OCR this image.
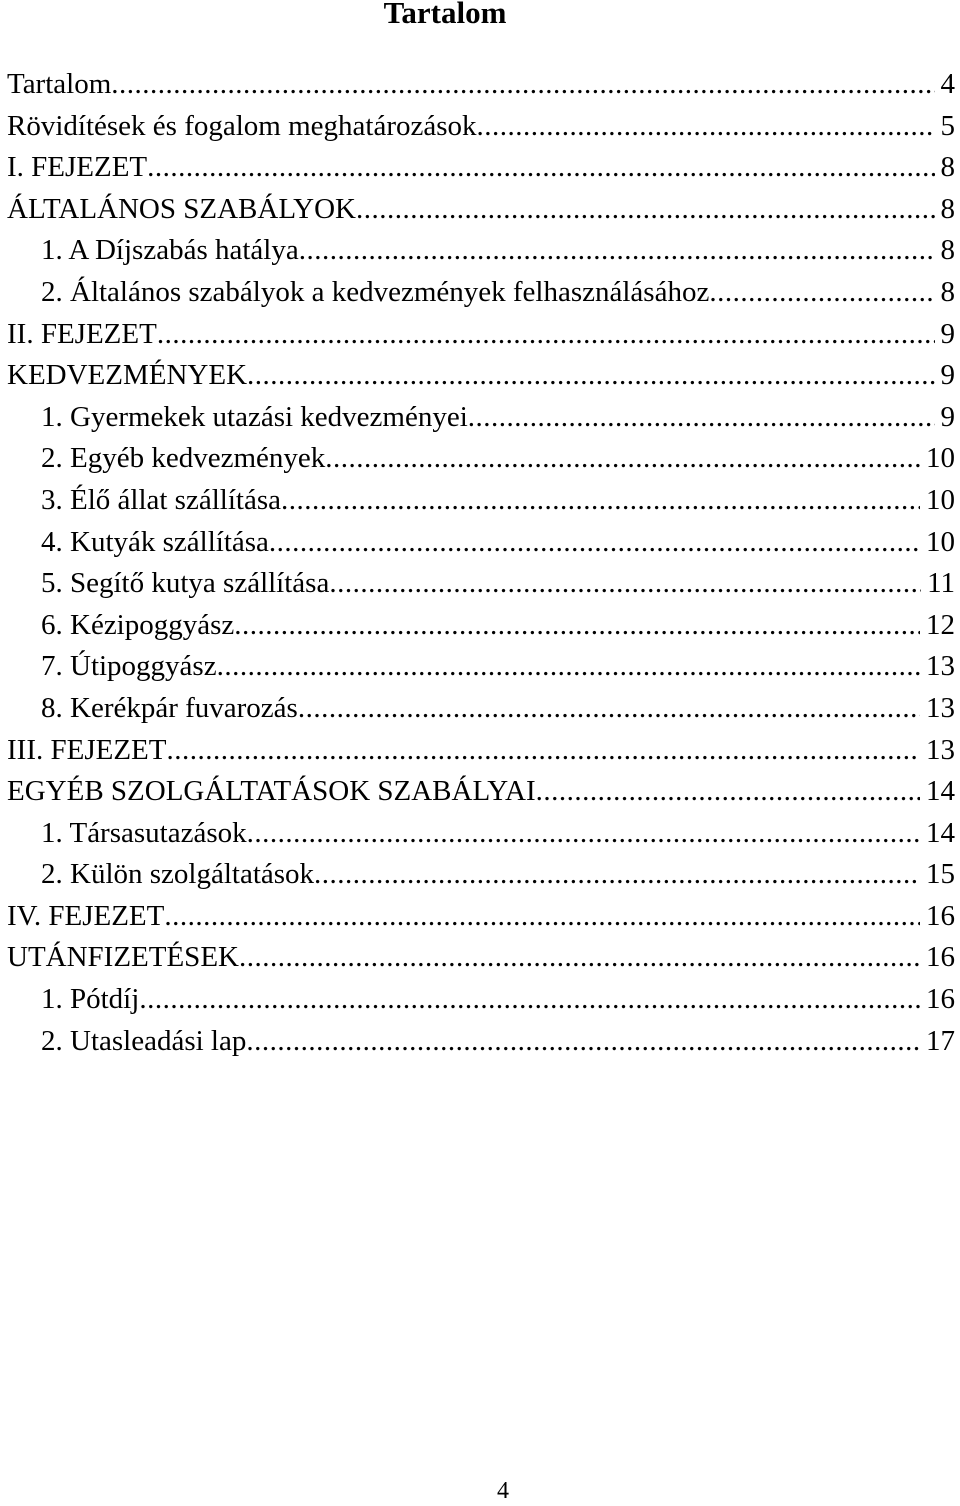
Tartalom
Tartalom .....	4
Rövidítések és fogalom meghatározások .....	5
I. FEJEZET .....	8
ÁLTALÁNOS SZABÁLYOK .....	8
1. A Díjszabás hatálya .....	8
2. Általános szabályok a kedvezmények felhasználásához .....	8
II. FEJEZET .....	9
KEDVEZMÉNYEK .....	9
1. Gyermekek utazási kedvezményei .....	9
2. Egyéb kedvezmények .....	10
3. Élő állat szállítása .....	10
4. Kutyák szállítása .....	10
5. Segítő kutya szállítása .....	11
6. Kézipoggyász .....	12
7. Útipoggyász .....	13
8. Kerékpár fuvarozás .....	13
III. FEJEZET .....	13
EGYÉB SZOLGÁLTATÁSOK SZABÁLYAI .....	14
1. Társasutazások .....	14
2. Külön szolgáltatások .....	15
IV. FEJEZET .....	16
UTÁNFIZETÉSEK .....	16
1. Pótdíj .....	16
2. Utasleadási lap .....	17
4
